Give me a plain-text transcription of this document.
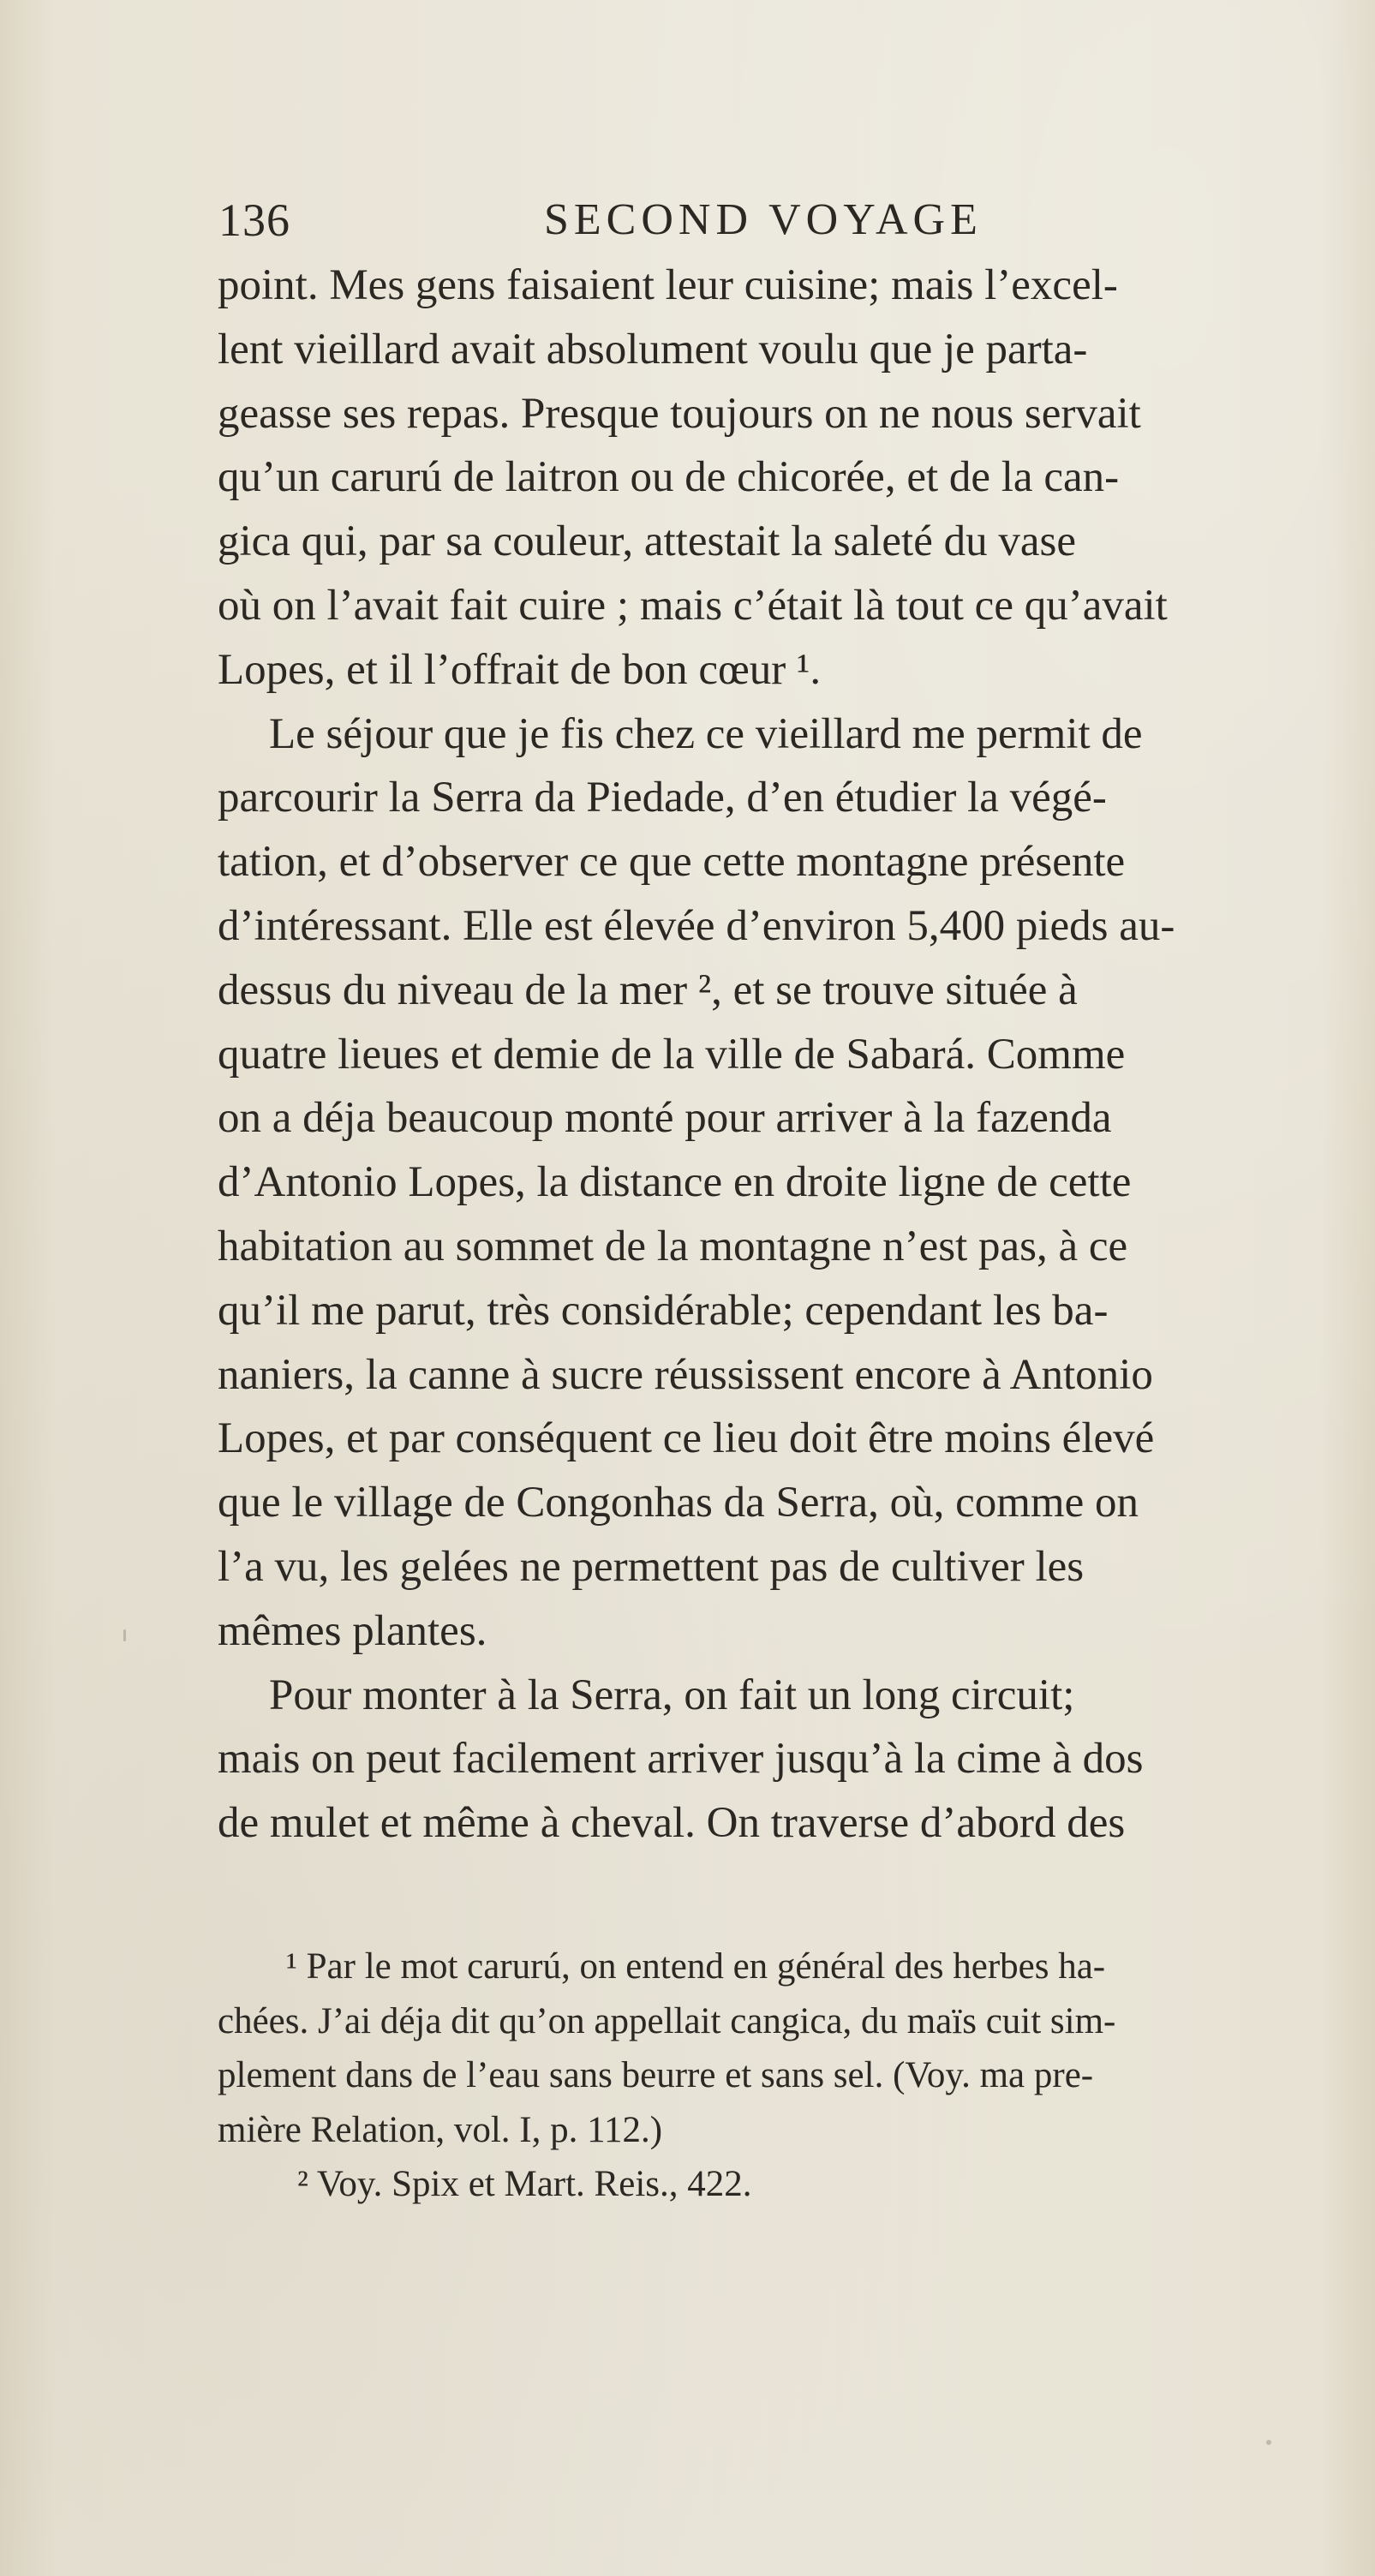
136	SECOND VOYAGE
point. Mes gens faisaient leur cuisine; mais l’excel-
lent vieillard avait absolument voulu que je parta-
geasse ses repas. Presque toujours on ne nous servait
qu’un carurú de laitron ou de chicorée, et de la can-
gica qui, par sa couleur, attestait la saleté du vase
où on l’avait fait cuire ; mais c’était là tout ce qu’avait
Lopes, et il l’offrait de bon cœur ¹.
Le séjour que je fis chez ce vieillard me permit de
parcourir la Serra da Piedade, d’en étudier la végé-
tation, et d’observer ce que cette montagne présente
d’intéressant. Elle est élevée d’environ 5,400 pieds au-
dessus du niveau de la mer ², et se trouve située à
quatre lieues et demie de la ville de Sabará. Comme
on a déja beaucoup monté pour arriver à la fazenda
d’Antonio Lopes, la distance en droite ligne de cette
habitation au sommet de la montagne n’est pas, à ce
qu’il me parut, très considérable; cependant les ba-
naniers, la canne à sucre réussissent encore à Antonio
Lopes, et par conséquent ce lieu doit être moins élevé
que le village de Congonhas da Serra, où, comme on
l’a vu, les gelées ne permettent pas de cultiver les
mêmes plantes.
Pour monter à la Serra, on fait un long circuit;
mais on peut facilement arriver jusqu’à la cime à dos
de mulet et même à cheval. On traverse d’abord des
¹ Par le mot carurú, on entend en général des herbes ha-
chées. J’ai déja dit qu’on appellait cangica, du maïs cuit sim-
plement dans de l’eau sans beurre et sans sel. (Voy. ma pre-
mière Relation, vol. I, p. 112.)
² Voy. Spix et Mart. Reis., 422.
